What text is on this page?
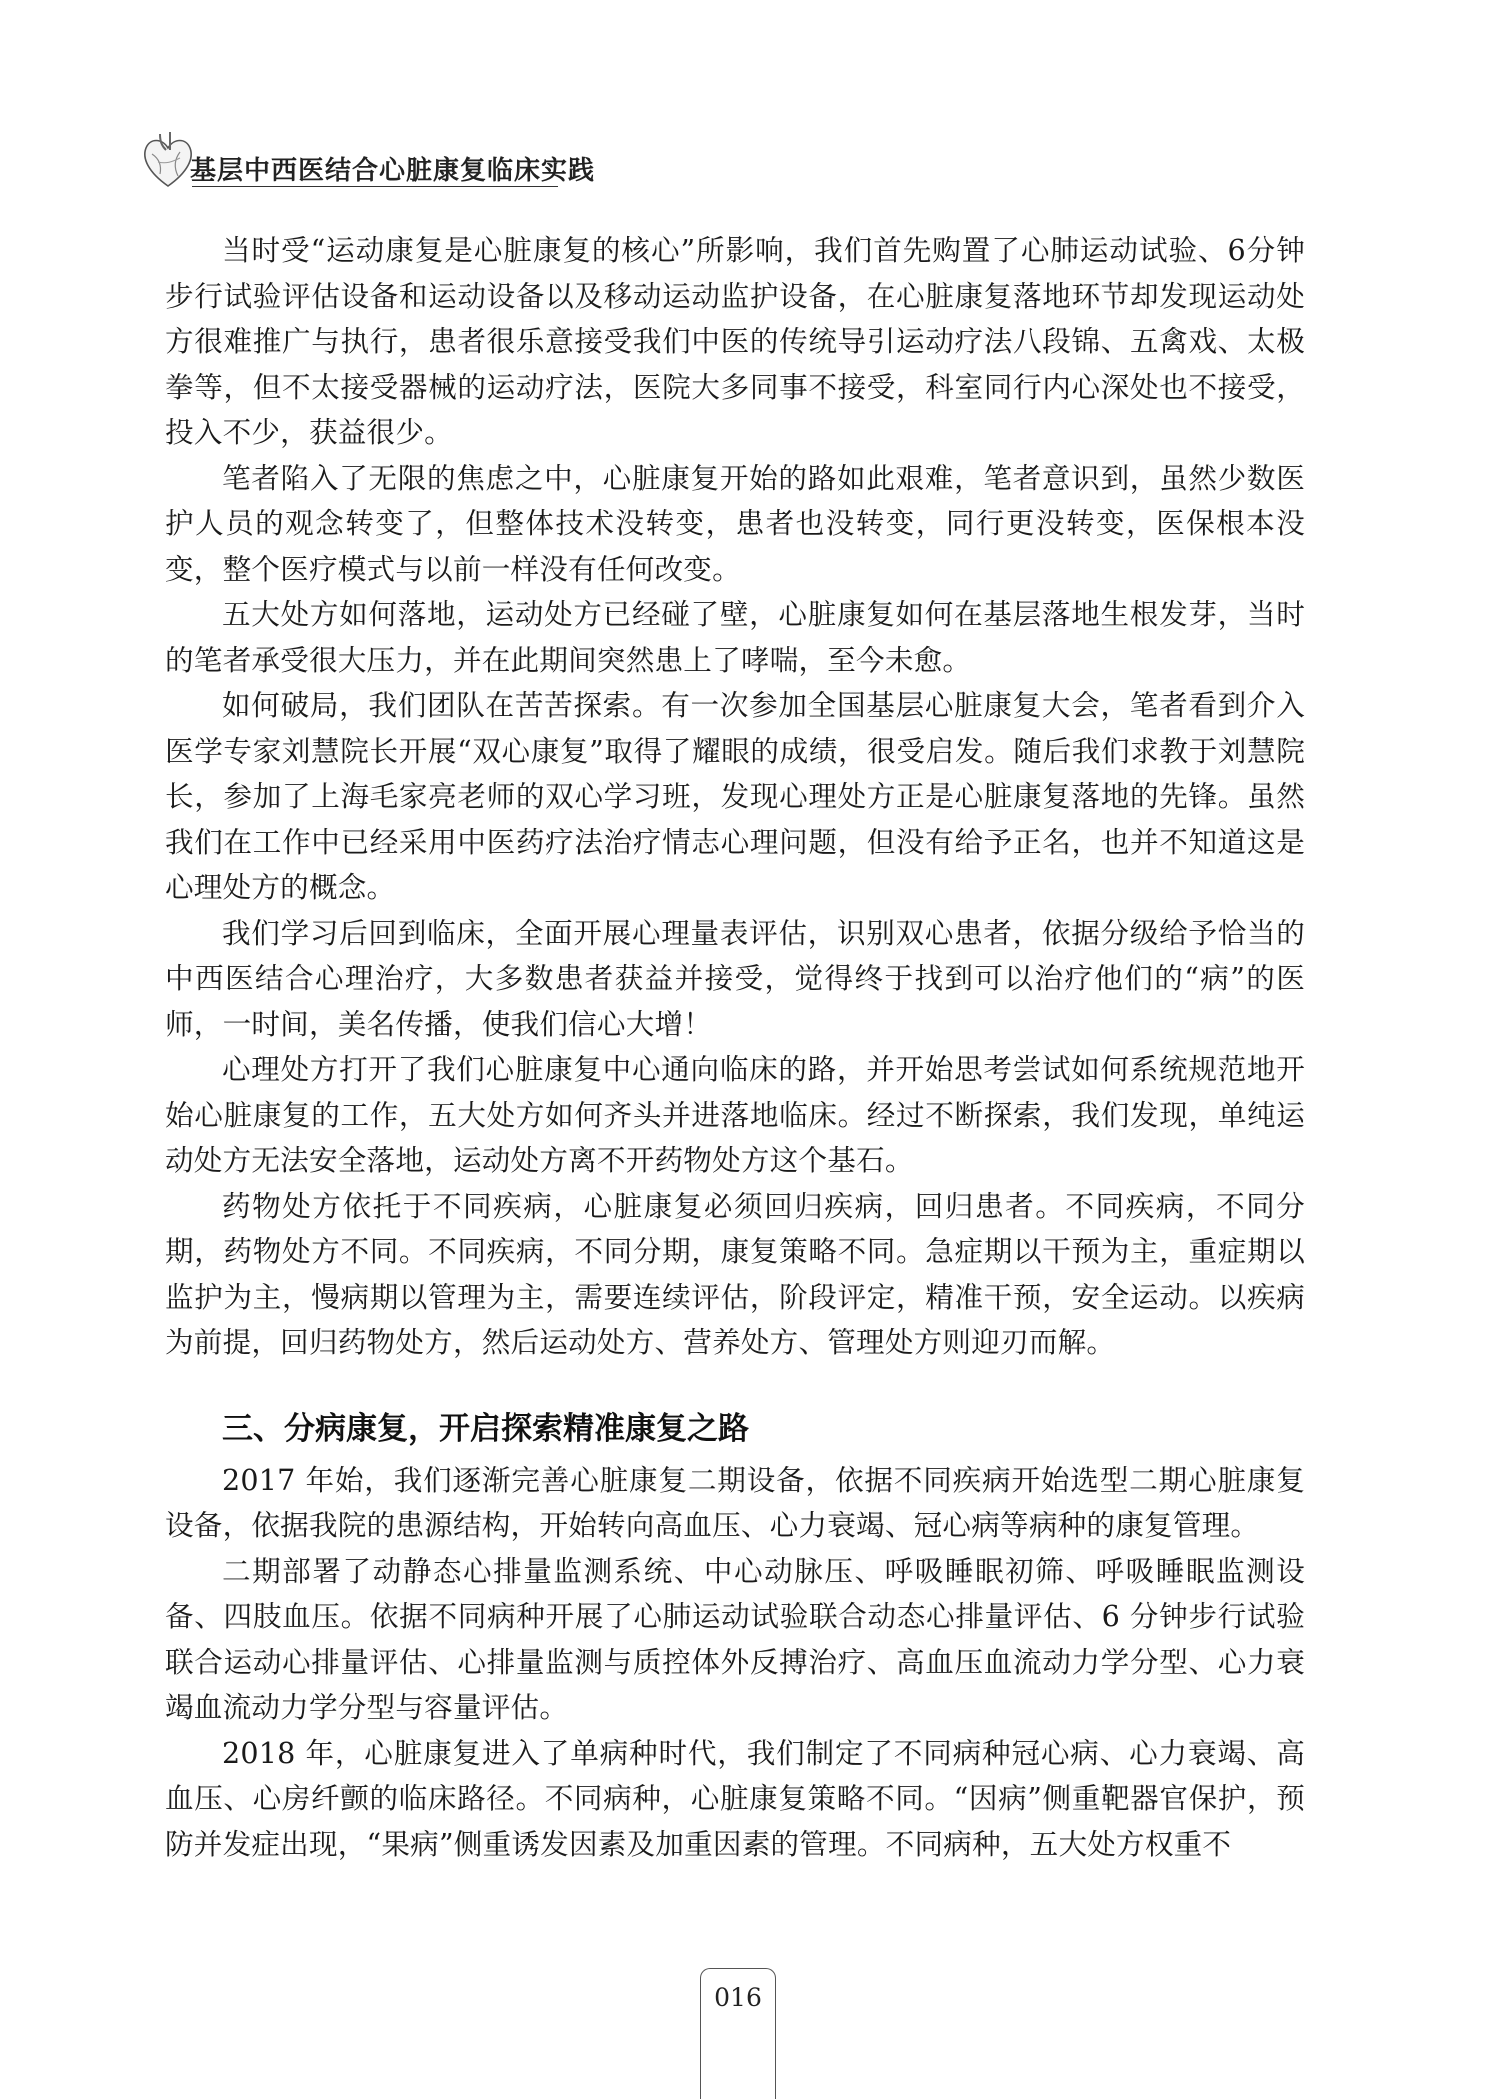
基层中西医结合心脏康复临床实践

当时受“运动康复是心脏康复的核心”所影响，我们首先购置了心肺运动试验、6分钟步行试验评估设备和运动设备以及移动运动监护设备，在心脏康复落地环节却发现运动处方很难推广与执行，患者很乐意接受我们中医的传统导引运动疗法八段锦、五禽戏、太极拳等，但不太接受器械的运动疗法，医院大多同事不接受，科室同行内心深处也不接受，投入不少，获益很少。

笔者陷入了无限的焦虑之中，心脏康复开始的路如此艰难，笔者意识到，虽然少数医护人员的观念转变了，但整体技术没转变，患者也没转变，同行更没转变，医保根本没变，整个医疗模式与以前一样没有任何改变。

五大处方如何落地，运动处方已经碰了壁，心脏康复如何在基层落地生根发芽，当时的笔者承受很大压力，并在此期间突然患上了哮喘，至今未愈。

如何破局，我们团队在苦苦探索。有一次参加全国基层心脏康复大会，笔者看到介入医学专家刘慧院长开展“双心康复”取得了耀眼的成绩，很受启发。随后我们求教于刘慧院长，参加了上海毛家亮老师的双心学习班，发现心理处方正是心脏康复落地的先锋。虽然我们在工作中已经采用中医药疗法治疗情志心理问题，但没有给予正名，也并不知道这是心理处方的概念。

我们学习后回到临床，全面开展心理量表评估，识别双心患者，依据分级给予恰当的中西医结合心理治疗，大多数患者获益并接受，觉得终于找到可以治疗他们的“病”的医师，一时间，美名传播，使我们信心大增！

心理处方打开了我们心脏康复中心通向临床的路，并开始思考尝试如何系统规范地开始心脏康复的工作，五大处方如何齐头并进落地临床。经过不断探索，我们发现，单纯运动处方无法安全落地，运动处方离不开药物处方这个基石。

药物处方依托于不同疾病，心脏康复必须回归疾病，回归患者。不同疾病，不同分期，药物处方不同。不同疾病，不同分期，康复策略不同。急症期以干预为主，重症期以监护为主，慢病期以管理为主，需要连续评估，阶段评定，精准干预，安全运动。以疾病为前提，回归药物处方，然后运动处方、营养处方、管理处方则迎刃而解。

三、分病康复，开启探索精准康复之路

2017 年始，我们逐渐完善心脏康复二期设备，依据不同疾病开始选型二期心脏康复设备，依据我院的患源结构，开始转向高血压、心力衰竭、冠心病等病种的康复管理。

二期部署了动静态心排量监测系统、中心动脉压、呼吸睡眠初筛、呼吸睡眠监测设备、四肢血压。依据不同病种开展了心肺运动试验联合动态心排量评估、6 分钟步行试验联合运动心排量评估、心排量监测与质控体外反搏治疗、高血压血流动力学分型、心力衰竭血流动力学分型与容量评估。

2018 年，心脏康复进入了单病种时代，我们制定了不同病种冠心病、心力衰竭、高血压、心房纤颤的临床路径。不同病种，心脏康复策略不同。“因病”侧重靶器官保护，预防并发症出现，“果病”侧重诱发因素及加重因素的管理。不同病种，五大处方权重不

016
